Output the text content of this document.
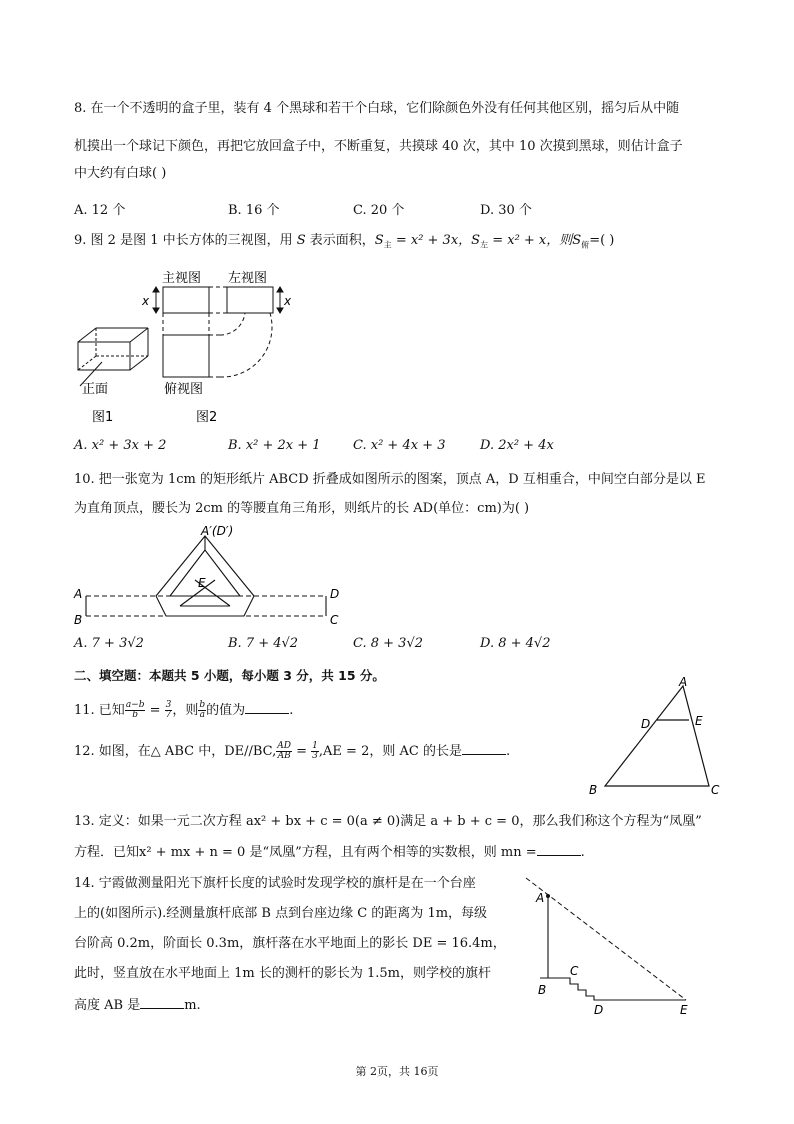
8. 在一个不透明的盒子里，装有 4 个黑球和若干个白球，它们除颜色外没有任何其他区别，摇匀后从中随
机摸出一个球记下颜色，再把它放回盒子中，不断重复，共摸球 40 次，其中 10 次摸到黑球，则估计盒子
中大约有白球( )
A. 12 个	B. 16 个	C. 20 个	D. 30 个
9. 图 2 是图 1 中长方体的三视图，用 S 表示面积，$S_主 = x^2 + 3x$，$S_左 = x^2 + x$，则$S_俯=$( )
x	x
主视图 左视图
俯视图
正面
图1	图2
A. x² + 3x + 2	B. x² + 2x + 1 C. x² + 4x + 3	D. 2x² + 4x
10. 把一张宽为 1cm 的矩形纸片 ABCD 折叠成如图所示的图案，顶点 A，D 互相重合，中间空白部分是以 E
为直角顶点，腰长为 2cm 的等腰直角三角形，则纸片的长 AD(单位：cm)为( )
A′(D′)
E
A
B	C
D
A. 7 + 3√2	B. 7 + 4√2	C. 8 + 3√2	D. 8 + 4√2
二、填空题：本题共 5 小题，每小题 3 分，共 15 分。
11. 已知 $\frac{a-b}{b} = \frac{3}{7}$ ，则 $\frac{b}{a}$ 的值为	.
12. 如图，在△ ABC 中，DE//BC, $\frac{AD}{AB} = \frac{1}{3} ,AE = 2$，则 AC 的长是	.
A
D	E
B	C
13. 定义：如果一元二次方程 ax² + bx + c = 0(a ≠ 0)满足 a + b + c = 0，那么我们称这个方程为“凤凰”
方程．已知x² + mx + n = 0 是“凤凰”方程，且有两个相等的实数根，则 mn =	.
14. 宁霞做测量阳光下旗杆长度的试验时发现学校的旗杆是在一个台座
上的(如图所示).经测量旗杆底部 B 点到台座边缘 C 的距离为 1m，每级
台阶高 0.2m，阶面长 0.3m，旗杆落在水平地面上的影长 DE = 16.4m，
此时，竖直放在水平地面上 1m 长的测杆的影长为 1.5m，则学校的旗杆
高度 AB 是	m.
A
B
C
D	E
第 2页，共 16页
